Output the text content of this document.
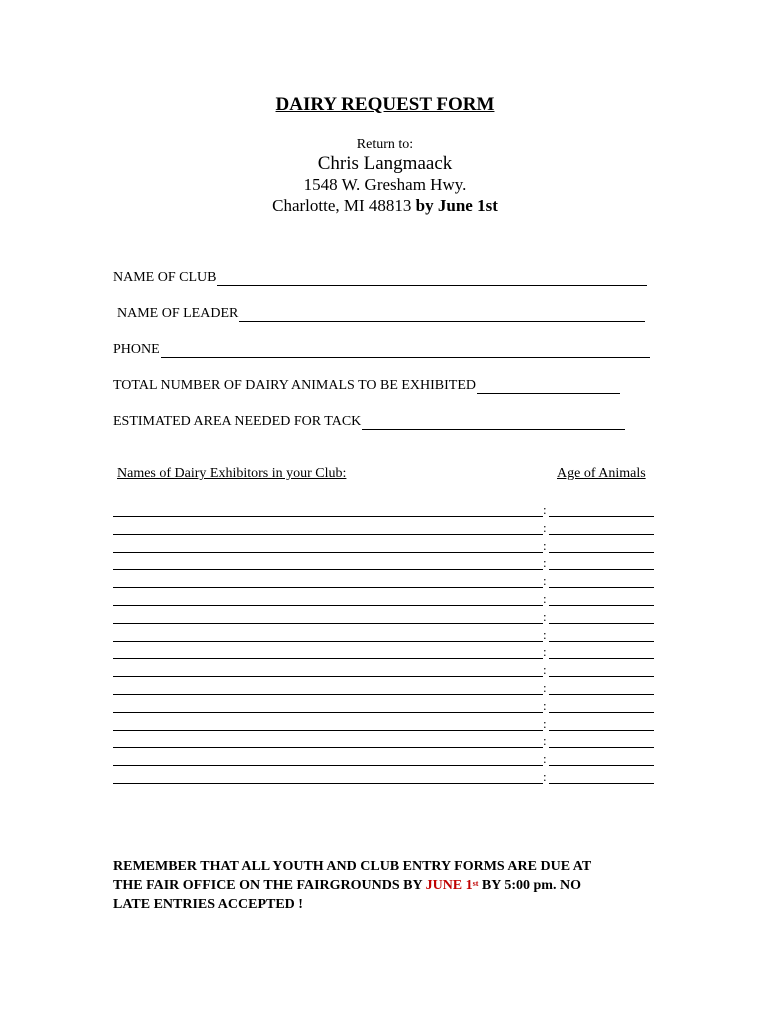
DAIRY REQUEST FORM
Return to:
Chris Langmaack
1548 W. Gresham Hwy.
Charlotte, MI 48813 by June 1st
NAME OF CLUB
NAME OF LEADER
PHONE
TOTAL NUMBER OF DAIRY ANIMALS TO BE EXHIBITED
ESTIMATED AREA NEEDED FOR TACK
Names of Dairy Exhibitors in your Club:	Age of Animals
:
:
:
:
:
:
:
:
:
:
:
:
:
:
:
:
REMEMBER THAT ALL YOUTH AND CLUB ENTRY FORMS ARE DUE AT
THE FAIR OFFICE ON THE FAIRGROUNDS BY JUNE 1st BY 5:00 pm. NO
LATE ENTRIES ACCEPTED !
